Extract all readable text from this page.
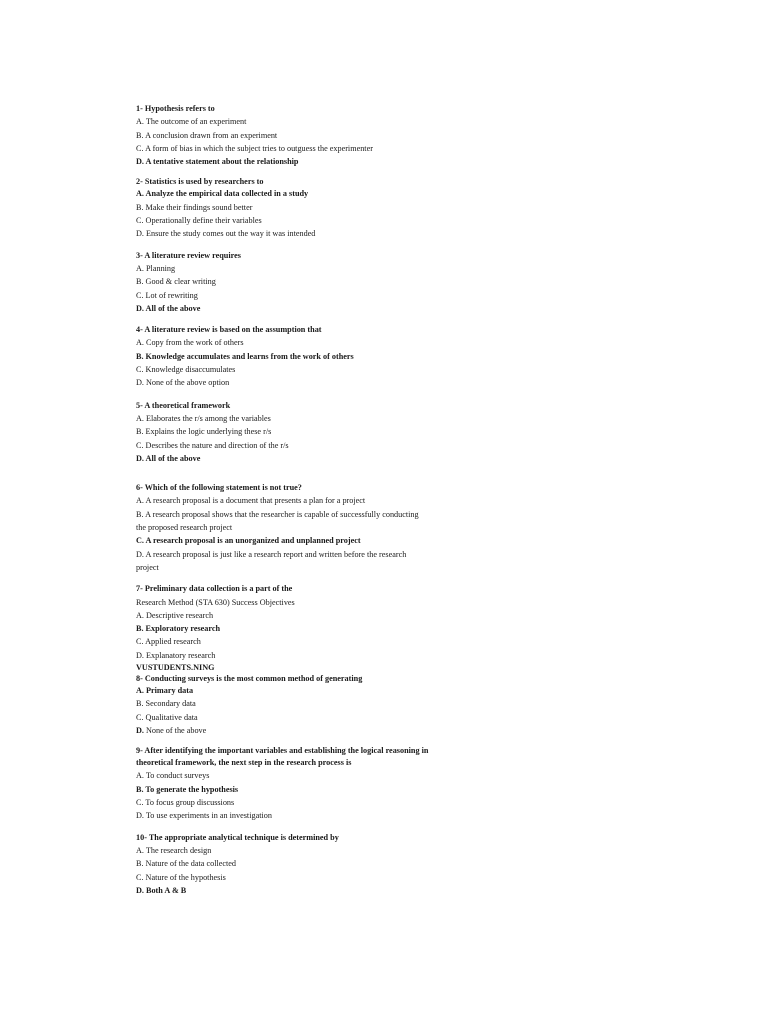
1- Hypothesis refers to
A. The outcome of an experiment
B. A conclusion drawn from an experiment
C. A form of bias in which the subject tries to outguess the experimenter
D. A tentative statement about the relationship
2- Statistics is used by researchers to
A. Analyze the empirical data collected in a study
B. Make their findings sound better
C. Operationally define their variables
D. Ensure the study comes out the way it was intended
3- A literature review requires
A. Planning
B. Good & clear writing
C. Lot of rewriting
D. All of the above
4- A literature review is based on the assumption that
A. Copy from the work of others
B. Knowledge accumulates and learns from the work of others
C. Knowledge disaccumulates
D. None of the above option
5- A theoretical framework
A. Elaborates the r/s among the variables
B. Explains the logic underlying these r/s
C. Describes the nature and direction of the r/s
D. All of the above
6- Which of the following statement is not true?
A. A research proposal is a document that presents a plan for a project
B. A research proposal shows that the researcher is capable of successfully conducting
the proposed research project
C. A research proposal is an unorganized and unplanned project
D. A research proposal is just like a research report and written before the research
project
7- Preliminary data collection is a part of the
Research Method (STA 630) Success Objectives
A. Descriptive research
B. Exploratory research
C. Applied research
D. Explanatory research
VUSTUDENTS.NING
8- Conducting surveys is the most common method of generating
A. Primary data
B. Secondary data
C. Qualitative data
D. None of the above
9- After identifying the important variables and establishing the logical reasoning in
theoretical framework, the next step in the research process is
A. To conduct surveys
B. To generate the hypothesis
C. To focus group discussions
D. To use experiments in an investigation
10- The appropriate analytical technique is determined by
A. The research design
B. Nature of the data collected
C. Nature of the hypothesis
D. Both A & B
